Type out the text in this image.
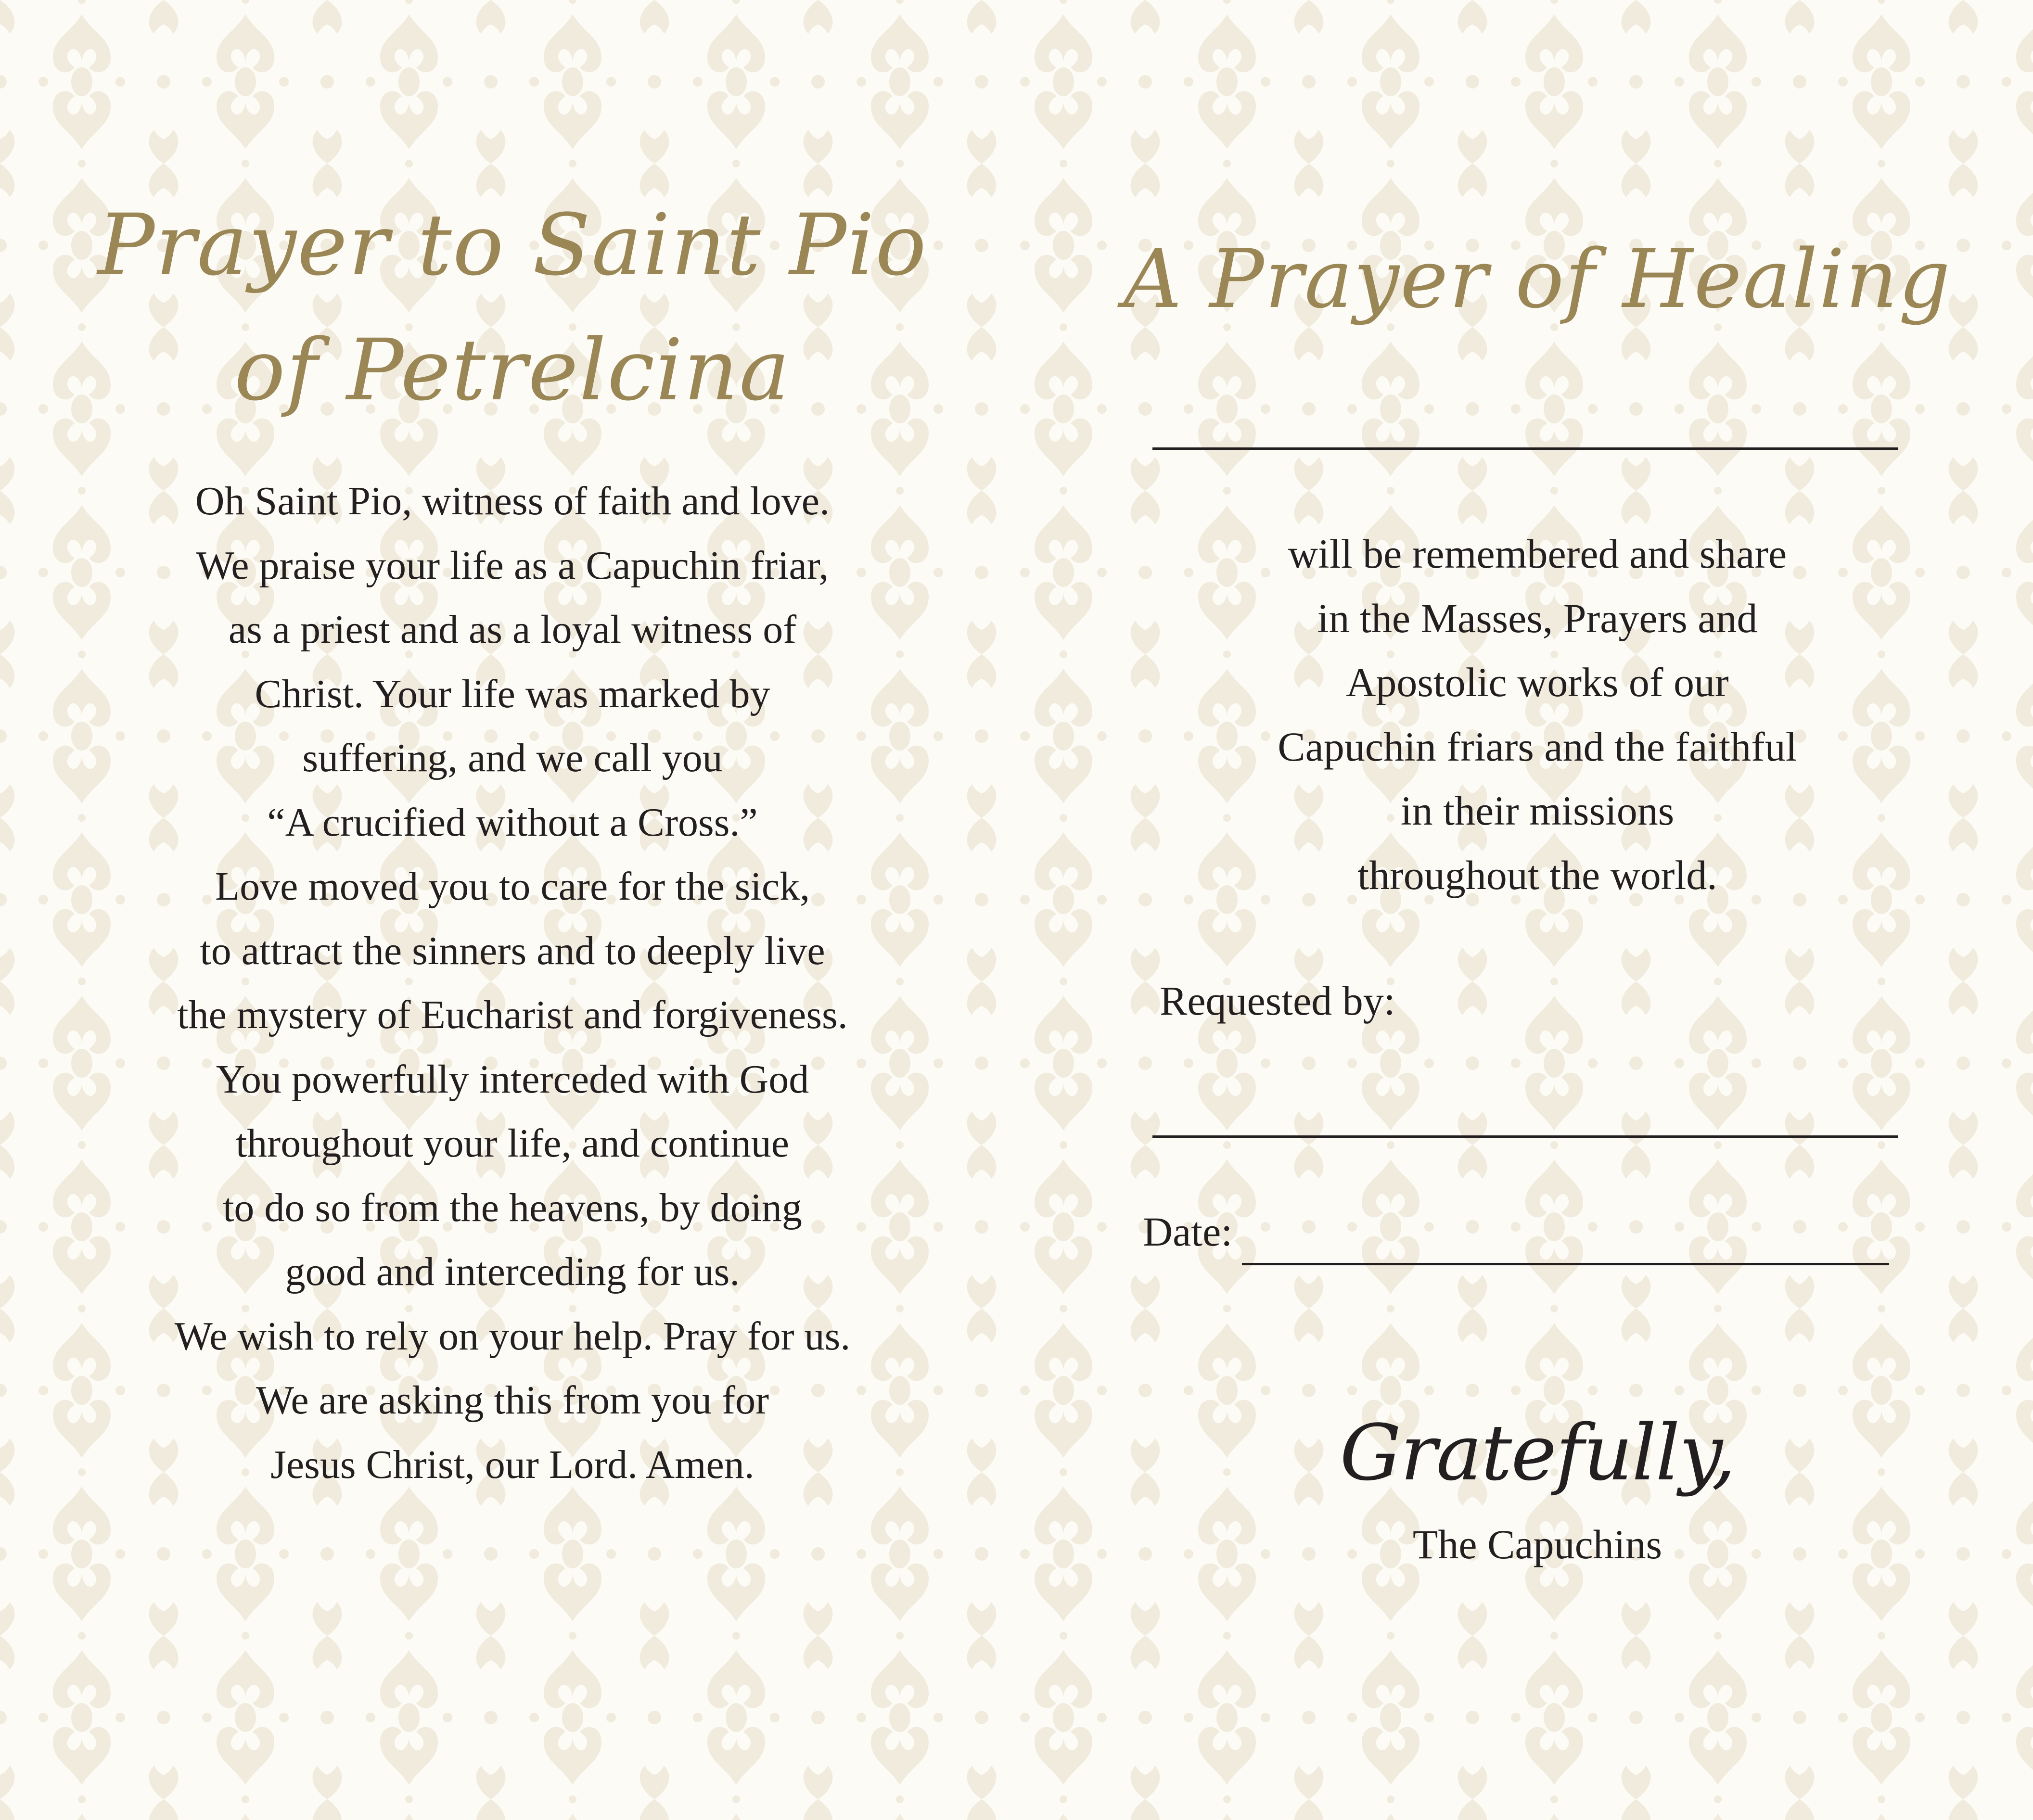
Prayer to Saint Pio
of Petrelcina
Oh Saint Pio, witness of faith and love.
We praise your life as a Capuchin friar,
as a priest and as a loyal witness of
Christ. Your life was marked by
suffering, and we call you
“A crucified without a Cross.”
Love moved you to care for the sick,
to attract the sinners and to deeply live
the mystery of Eucharist and forgiveness.
You powerfully interceded with God
throughout your life, and continue
to do so from the heavens, by doing
good and interceding for us.
We wish to rely on your help. Pray for us.
We are asking this from you for
Jesus Christ, our Lord. Amen.
A Prayer of Healing
will be remembered and share
in the Masses, Prayers and
Apostolic works of our
Capuchin friars and the faithful
in their missions
throughout the world.
Requested by:
Date:
Gratefully,
The Capuchins
